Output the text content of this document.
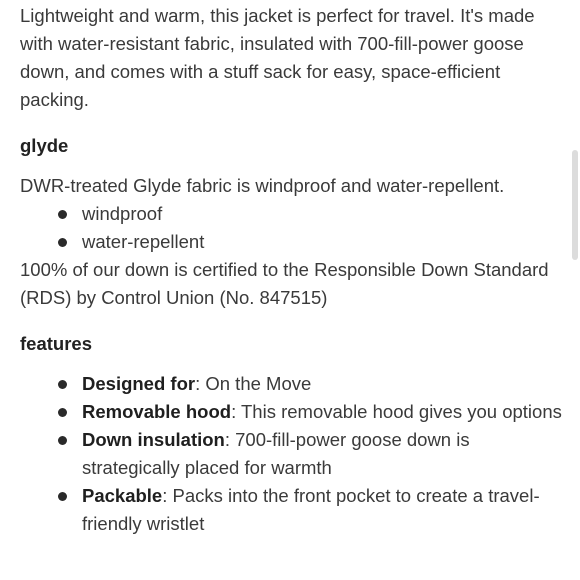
Lightweight and warm, this jacket is perfect for travel. It's made with water-resistant fabric, insulated with 700-fill-power goose down, and comes with a stuff sack for easy, space-efficient packing.

glyde

DWR-treated Glyde fabric is windproof and water-repellent.

windproof
water-repellent

100% of our down is certified to the Responsible Down Standard (RDS) by Control Union (No. 847515)

features
Designed for: On the Move
Removable hood: This removable hood gives you options
Down insulation: 700-fill-power goose down is strategically placed for warmth
Packable: Packs into the front pocket to create a travel-friendly wristlet
